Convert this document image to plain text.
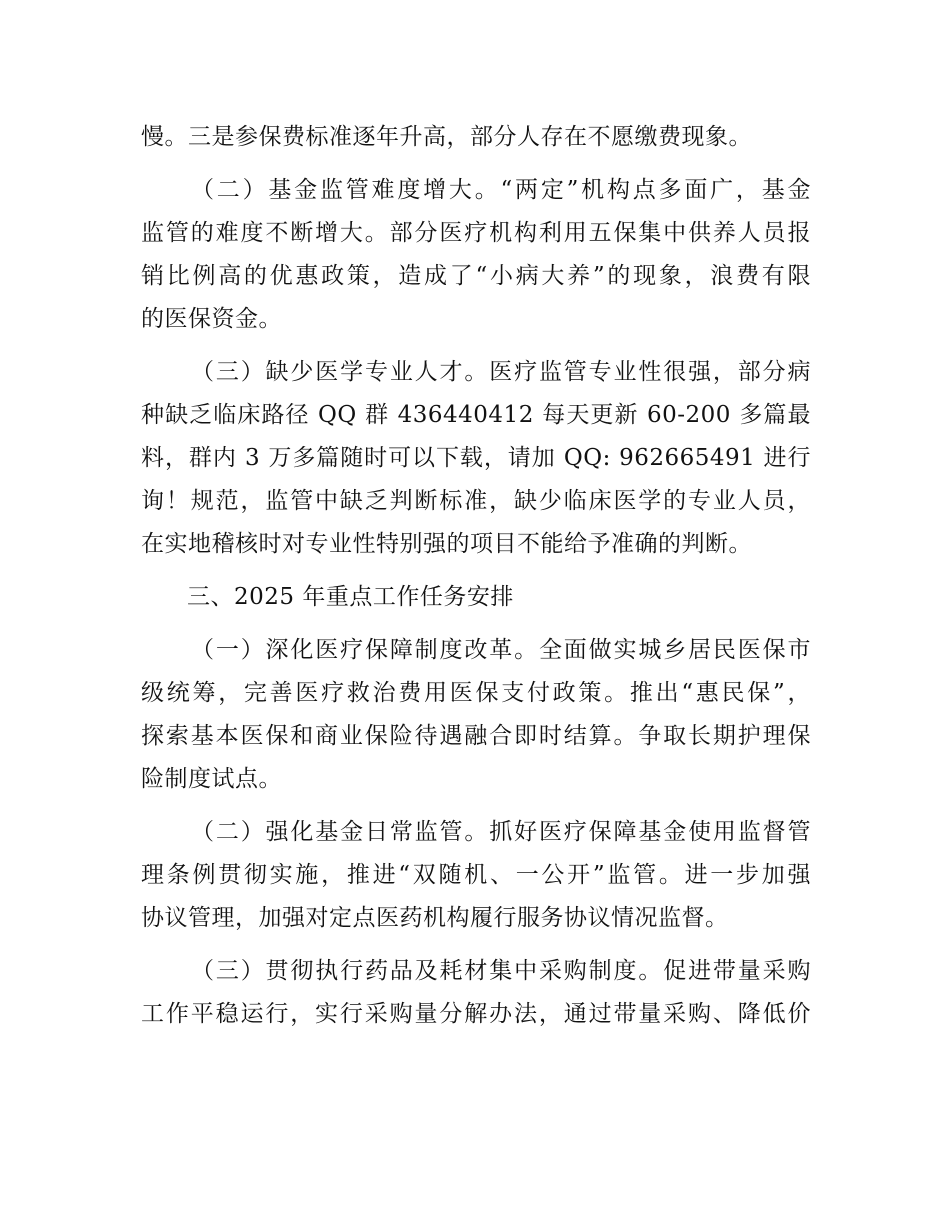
慢。三是参保费标准逐年升高，部分人存在不愿缴费现象。
（二）基金监管难度增大。“两定”机构点多面广，基金
监管的难度不断增大。部分医疗机构利用五保集中供养人员报
销比例高的优惠政策，造成了“小病大养”的现象，浪费有限
的医保资金。
（三）缺少医学专业人才。医疗监管专业性很强，部分病
种缺乏临床路径 QQ 群 436440412 每天更新 60-200 多篇最
料，群内 3 万多篇随时可以下载，请加 QQ: 962665491 进行
询！规范，监管中缺乏判断标准，缺少临床医学的专业人员，
在实地稽核时对专业性特别强的项目不能给予准确的判断。
三、2025 年重点工作任务安排
（一）深化医疗保障制度改革。全面做实城乡居民医保市
级统筹，完善医疗救治费用医保支付政策。推出“惠民保”，
探索基本医保和商业保险待遇融合即时结算。争取长期护理保
险制度试点。
（二）强化基金日常监管。抓好医疗保障基金使用监督管
理条例贯彻实施，推进“双随机、一公开”监管。进一步加强
协议管理，加强对定点医药机构履行服务协议情况监督。
（三）贯彻执行药品及耗材集中采购制度。促进带量采购
工作平稳运行，实行采购量分解办法，通过带量采购、降低价
